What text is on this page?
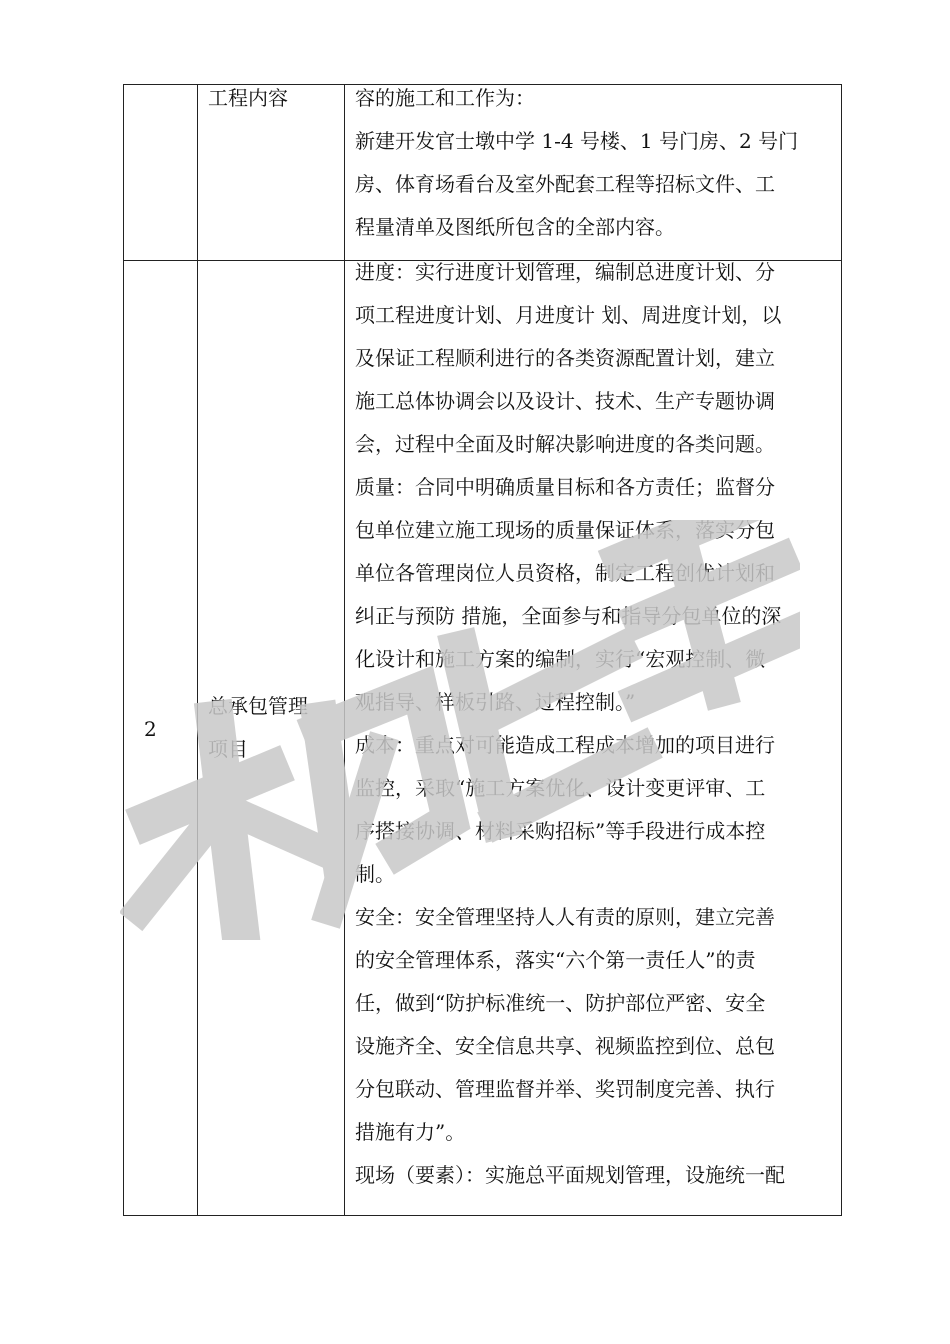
工程内容	容的施工和工作为：
新建开发官士墩中学 1-4 号楼、1 号门房、2 号门
房、体育场看台及室外配套工程等招标文件、工
程量清单及图纸所包含的全部内容。
2
总承包管理
项目
进度：实行进度计划管理，编制总进度计划、分
项工程进度计划、月进度计 划、周进度计划，以
及保证工程顺利进行的各类资源配置计划，建立
施工总体协调会以及设计、技术、生产专题协调
会，过程中全面及时解决影响进度的各类问题。
质量：合同中明确质量目标和各方责任；监督分
包单位建立施工现场的质量保证体系，落实分包
单位各管理岗位人员资格，制定工程创优计划和
纠正与预防 措施，全面参与和指导分包单位的深
化设计和施工方案的编制，实行“宏观控制、微
观指导、样板引路、过程控制。”
成本：重点对可能造成工程成本增加的项目进行
监控，采取“施工方案优化、设计变更评审、工
序搭接协调、材料采购招标”等手段进行成本控
制。
安全：安全管理坚持人人有责的原则，建立完善
的安全管理体系，落实“六个第一责任人”的责
任，做到“防护标准统一、防护部位严密、安全
设施齐全、安全信息共享、视频监控到位、总包
分包联动、管理监督并举、奖罚制度完善、执行
措施有力”。
现场（要素）：实施总平面规划管理，设施统一配
